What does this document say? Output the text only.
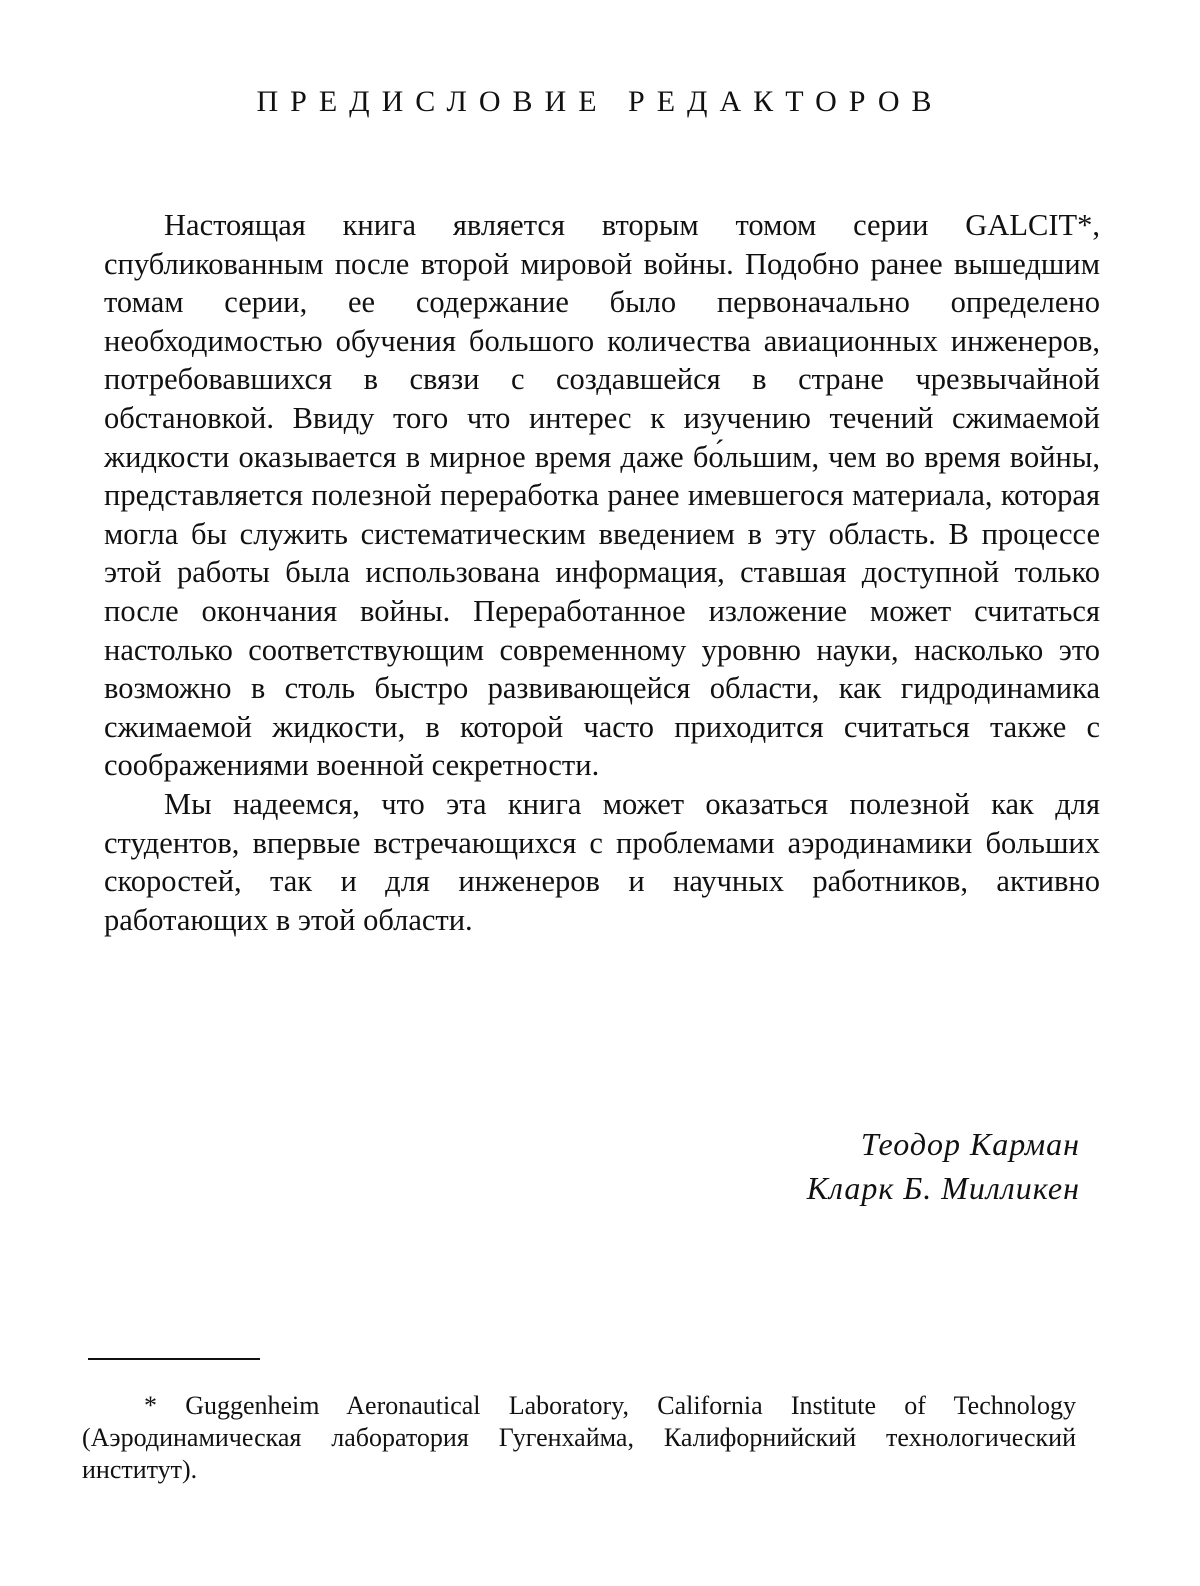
ПРЕДИСЛОВИЕ РЕДАКТОРОВ

Настоящая книга является вторым томом серии GALCIT*, спубликованным после второй мировой войны. Подобно ранее вышедшим томам серии, ее содержание было первоначально определено необходимостью обучения большого количества авиационных инженеров, потребовавшихся в связи с создавшейся в стране чрезвычайной обстановкой. Ввиду того что интерес к изучению течений сжимаемой жидкости оказывается в мирное время даже бо́льшим, чем во время войны, представляется полезной переработка ранее имевшегося материала, которая могла бы служить систематическим введением в эту область. В процессе этой работы была использована информация, ставшая доступной только после окончания войны. Переработанное изложение может считаться настолько соответствующим современному уровню науки, насколько это возможно в столь быстро развивающейся области, как гидродинамика сжимаемой жидкости, в которой часто приходится считаться также с соображениями военной секретности.

Мы надеемся, что эта книга может оказаться полезной как для студентов, впервые встречающихся с проблемами аэродинамики больших скоростей, так и для инженеров и научных работников, активно работающих в этой области.

Теодор Карман
Кларк Б. Милликен

* Guggenheim Aeronautical Laboratory, California Institute of Technology (Аэродинамическая лаборатория Гугенхайма, Калифорнийский технологический институт).
